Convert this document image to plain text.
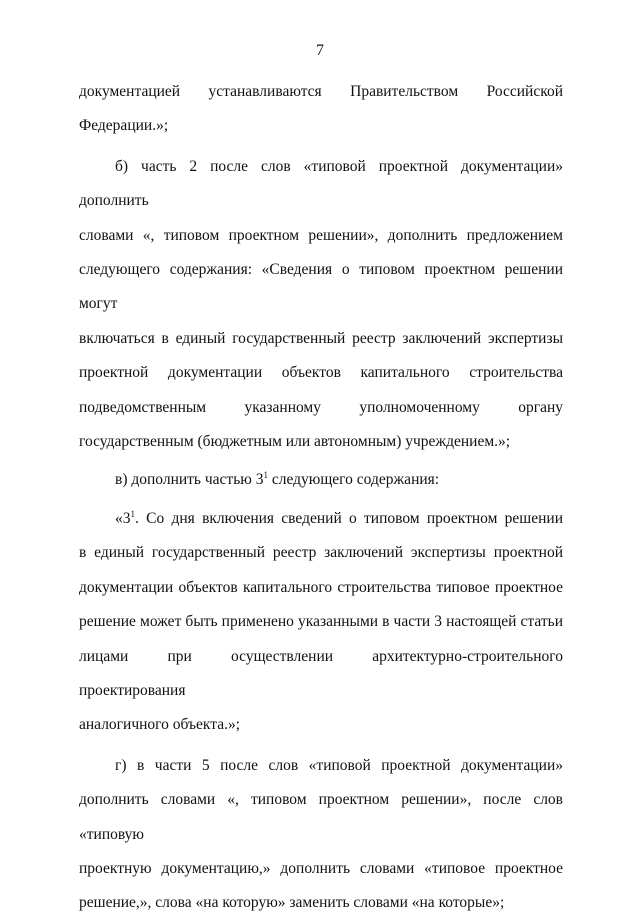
7
документацией устанавливаются Правительством Российской
Федерации.»;
б) часть 2 после слов «типовой проектной документации» дополнить
словами «, типовом проектном решении», дополнить предложением
следующего содержания: «Сведения о типовом проектном решении могут
включаться в единый государственный реестр заключений экспертизы
проектной документации объектов капитального строительства
подведомственным указанному уполномоченному органу
государственным (бюджетным или автономным) учреждением.»;
в) дополнить частью $3^1$ следующего содержания:
«$3^1$. Со дня включения сведений о типовом проектном решении
в единый государственный реестр заключений экспертизы проектной
документации объектов капитального строительства типовое проектное
решение может быть применено указанными в части 3 настоящей статьи
лицами при осуществлении архитектурно-строительного проектирования
аналогичного объекта.»;
г) в части 5 после слов «типовой проектной документации»
дополнить словами «, типовом проектном решении», после слов «типовую
проектную документацию,» дополнить словами «типовое проектное
решение,», слова «на которую» заменить словами «на которые»;
